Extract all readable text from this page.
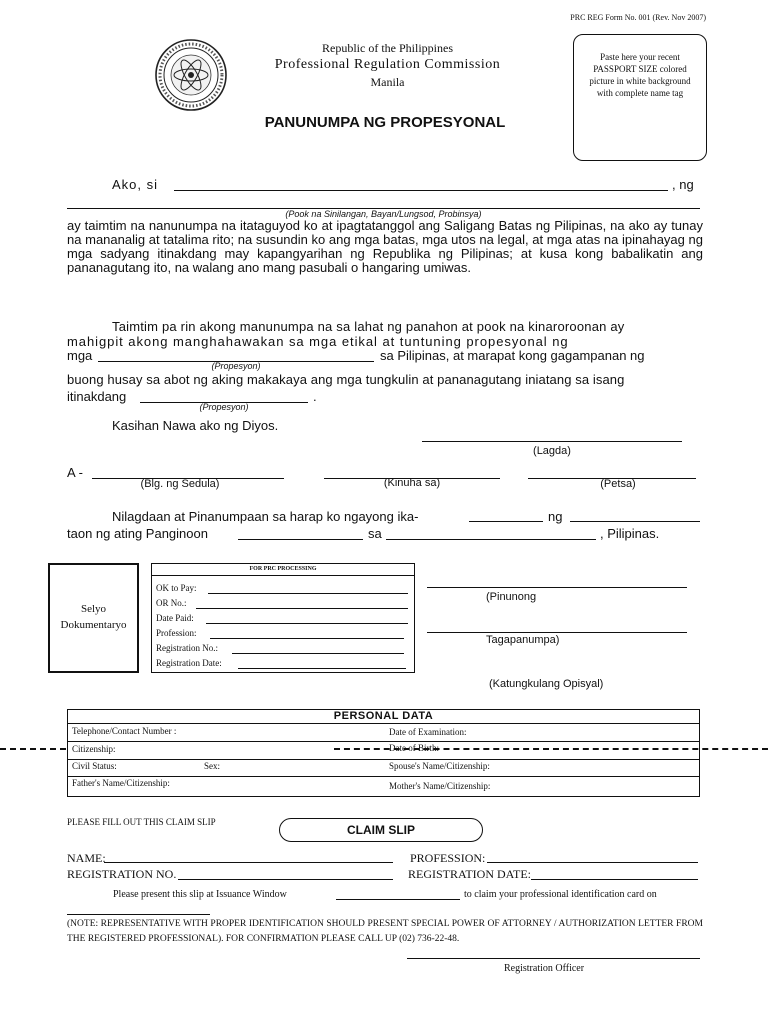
PRC REG Form No. 001 (Rev. Nov 2007)
Republic of the Philippines
Professional Regulation Commission
Manila
PANUNUMPA NG PROPESYONAL
Paste here your recent PASSPORT SIZE colored picture in white background with complete name tag
Ako, si	, ng
(Pook na Sinilangan, Bayan/Lungsod, Probinsya)
ay taimtim na nanunumpa na itataguyod ko at ipagtatanggol ang Saligang Batas ng Pilipinas, na ako ay tunay na mananalig at tatalima rito; na susundin ko ang mga batas, mga utos na legal, at mga atas na ipinahayag ng mga sadyang itinakdang may kapangyarihan ng Republika ng Pilipinas; at kusa kong babalikatin ang pananagutang ito, na walang ano mang pasubali o hangaring umiwas.
Taimtim pa rin akong manunumpa na sa lahat ng panahon at pook na kinaroroonan ay
mahigpit akong manghahawakan sa mga etikal at tuntuning propesyonal ng
mga
(Propesyon)
sa Pilipinas, at marapat kong gagampanan ng
buong husay sa abot ng aking makakaya ang mga tungkulin at pananagutang iniatang sa isang
itinakdang
(Propesyon)
.
Kasihan Nawa ako ng Diyos.
(Lagda)
A -
(Blg. ng Sedula)	(Kinuha sa)	(Petsa)
Nilagdaan at Pinanumpaan sa harap ko ngayong ika-	ng
taon ng ating Panginoon	sa	, Pilipinas.
Selyo Dokumentaryo
FOR PRC PROCESSING
OK to Pay:
OR No.:
Date Paid:
Profession:
Registration No.:
Registration Date:
(Pinunong
Tagapanumpa)
(Katungkulang Opisyal)
PERSONAL DATA
Telephone/Contact Number :	Date of Examination:
Citizenship:	Date of Birth:
Civil Status:	Sex:	Spouse's Name/Citizenship:
Father's Name/Citizenship:	Mother's Name/Citizenship:
PLEASE FILL OUT THIS CLAIM SLIP
CLAIM SLIP
NAME:	PROFESSION:
REGISTRATION NO.	REGISTRATION DATE:
Please present this slip at Issuance Window	to claim your professional identification card on
(NOTE: REPRESENTATIVE WITH PROPER IDENTIFICATION SHOULD PRESENT SPECIAL POWER OF ATTORNEY / AUTHORIZATION LETTER FROM THE REGISTERED PROFESSIONAL). FOR CONFIRMATION PLEASE CALL UP (02) 736-22-48.
Registration Officer
